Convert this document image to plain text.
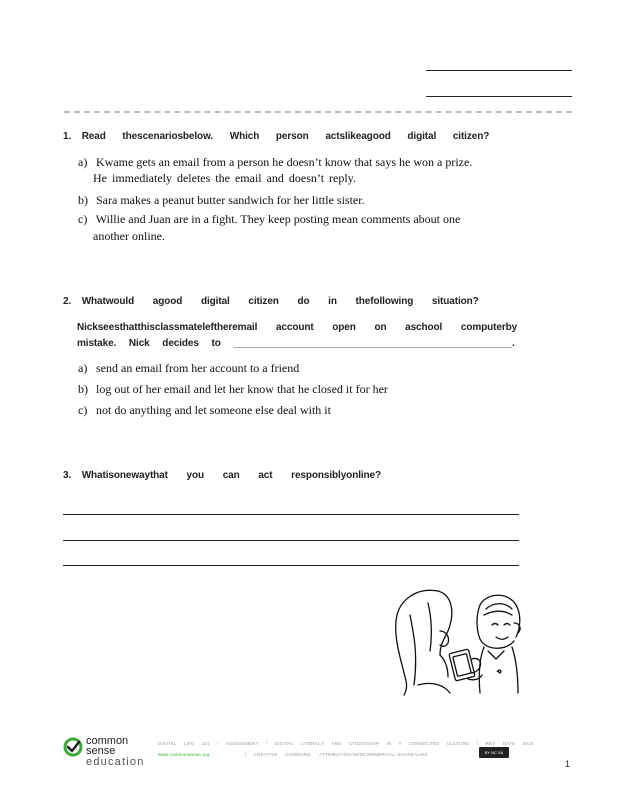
1. Read thescenariosbelow. Which person actslikeagood digital citizen?
a) Kwame gets an email from a person he doesn’t know that says he won a prize.
He immediately deletes the email and doesn’t reply.
b) Sara makes a peanut butter sandwich for her little sister.
c) Willie and Juan are in a fight. They keep posting mean comments about one
another online.
2. Whatwould agood digital citizen do in thefollowing situation?
Nickseesthatthisclassmateleftheremail account open on aschool computerby
mistake. Nick decides to ___________________________________________________.
a) send an email from her account to a friend
b) log out of her email and let her know that he closed it for her
c) not do anything and let someone else deal with it
3. Whatisonewaythat you can act responsiblyonline?
common
sense
education
DIGITAL LIFE 101 / ASSESSMENT / DIGITAL LITERACY AND CITIZENSHIP IN A CONNECTED CULTURE / REV DATE 2015
www.commonsense.org	| CREATIVE COMMONS: ATTRIBUTION-NONCOMMERCIAL-SHAREALIKE	BY NC SA
1
